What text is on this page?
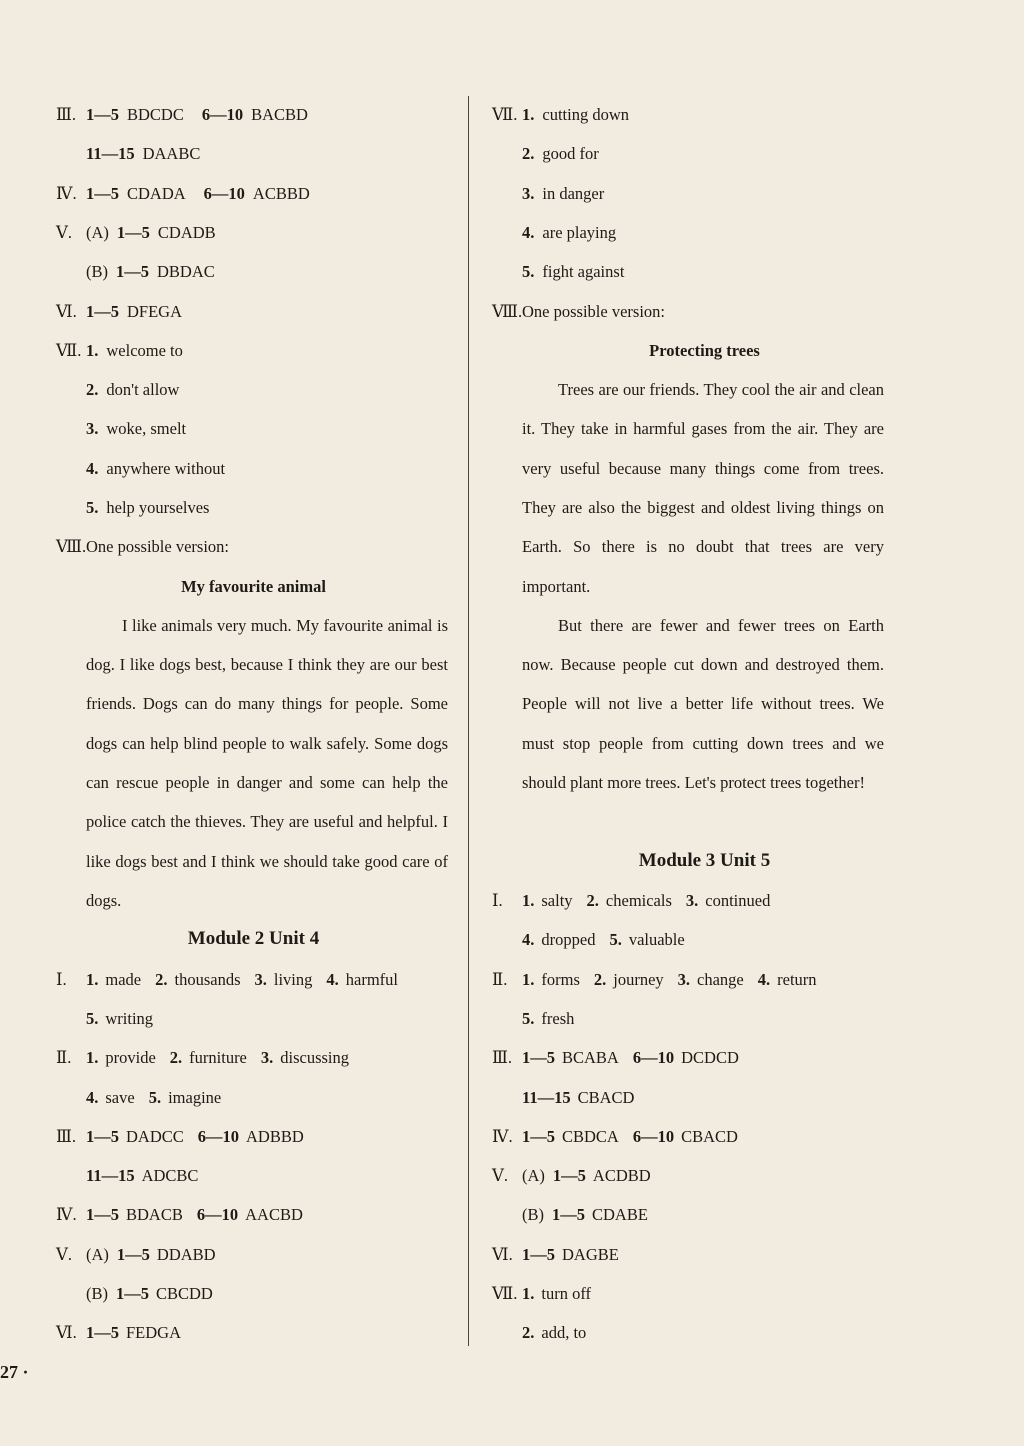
Ⅲ. 1—5 BDCDC 6—10 BACBD
11—15 DAABC
Ⅳ. 1—5 CDADA 6—10 ACBBD
Ⅴ. (A) 1—5 CDADB
(B) 1—5 DBDAC
Ⅵ. 1—5 DFEGA
Ⅶ. 1. welcome to
2. don't allow
3. woke, smelt
4. anywhere without
5. help yourselves
Ⅷ.One possible version:
My favourite animal

I like animals very much. My favourite animal is dog. I like dogs best, because I think they are our best friends. Dogs can do many things for people. Some dogs can help blind people to walk safely. Some dogs can rescue people in danger and some can help the police catch the thieves. They are useful and helpful. I like dogs best and I think we should take good care of dogs.

Module 2 Unit 4
Ⅰ. 1. made 2. thousands 3. living 4. harmful
5. writing
Ⅱ. 1. provide 2. furniture 3. discussing
4. save 5. imagine
Ⅲ. 1—5 DADCC 6—10 ADBBD
11—15 ADCBC
Ⅳ. 1—5 BDACB 6—10 AACBD
Ⅴ. (A) 1—5 DDABD
(B) 1—5 CBCDD
Ⅵ. 1—5 FEDGA
Ⅶ. 1. cutting down
2. good for
3. in danger
4. are playing
5. fight against
Ⅷ.One possible version:
Protecting trees

Trees are our friends. They cool the air and clean it. They take in harmful gases from the air. They are very useful because many things come from trees. They are also the biggest and oldest living things on Earth. So there is no doubt that trees are very important.

But there are fewer and fewer trees on Earth now. Because people cut down and destroyed them. People will not live a better life without trees. We must stop people from cutting down trees and we should plant more trees. Let's protect trees together!

Module 3 Unit 5
Ⅰ. 1. salty 2. chemicals 3. continued
4. dropped 5. valuable
Ⅱ. 1. forms 2. journey 3. change 4. return
5. fresh
Ⅲ. 1—5 BCABA 6—10 DCDCD
11—15 CBACD
Ⅳ. 1—5 CBDCA 6—10 CBACD
Ⅴ. (A) 1—5 ACDBD
(B) 1—5 CDABE
Ⅵ. 1—5 DAGBE
Ⅶ. 1. turn off
2. add, to
27 ·
